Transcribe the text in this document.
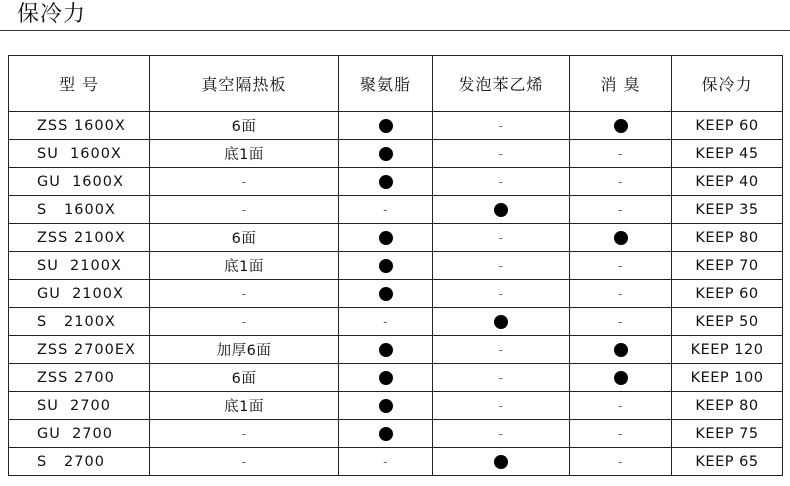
保冷力
型 号	真空隔热板	聚氨脂	发泡苯乙烯	消 臭	保冷力
ZSS 1600X	6面		-		KEEP 60
SU  1600X	底1面		-	-	KEEP 45
GU  1600X	-		-	-	KEEP 40
S   1600X	-	-		-	KEEP 35
ZSS 2100X	6面		-		KEEP 80
SU  2100X	底1面		-	-	KEEP 70
GU  2100X	-		-	-	KEEP 60
S   2100X	-	-		-	KEEP 50
ZSS 2700EX	加厚6面		-		KEEP 120
ZSS 2700	6面		-		KEEP 100
SU  2700	底1面		-	-	KEEP 80
GU  2700	-		-	-	KEEP 75
S   2700	-	-		-	KEEP 65
